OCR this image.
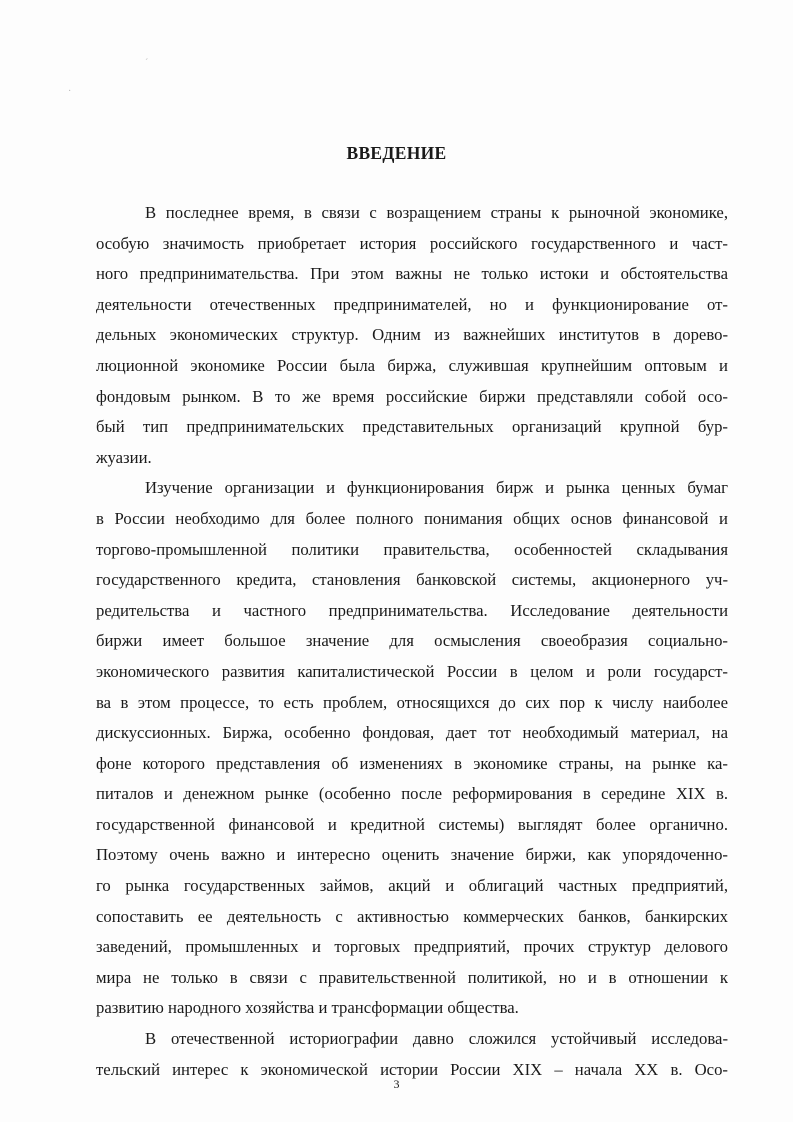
ˊ
·
ВВЕДЕНИЕ
В последнее время, в связи с возращением страны к рыночной экономике,
особую значимость приобретает история российского государственного и част-
ного предпринимательства. При этом важны не только истоки и обстоятельства
деятельности отечественных предпринимателей, но и функционирование от-
дельных экономических структур. Одним из важнейших институтов в дорево-
люционной экономике России была биржа, служившая крупнейшим оптовым и
фондовым рынком. В то же время российские биржи представляли собой осо-
бый тип предпринимательских представительных организаций крупной бур-
жуазии.
Изучение организации и функционирования бирж и рынка ценных бумаг
в России необходимо для более полного понимания общих основ финансовой и
торгово-промышленной политики правительства, особенностей складывания
государственного кредита, становления банковской системы, акционерного уч-
редительства и частного предпринимательства. Исследование деятельности
биржи имеет большое значение для осмысления своеобразия социально-
экономического развития капиталистической России в целом и роли государст-
ва в этом процессе, то есть проблем, относящихся до сих пор к числу наиболее
дискуссионных. Биржа, особенно фондовая, дает тот необходимый материал, на
фоне которого представления об изменениях в экономике страны, на рынке ка-
питалов и денежном рынке (особенно после реформирования в середине XIX в.
государственной финансовой и кредитной системы) выглядят более органично.
Поэтому очень важно и интересно оценить значение биржи, как упорядоченно-
го рынка государственных займов, акций и облигаций частных предприятий,
сопоставить ее деятельность с активностью коммерческих банков, банкирских
заведений, промышленных и торговых предприятий, прочих структур делового
мира не только в связи с правительственной политикой, но и в отношении к
развитию народного хозяйства и трансформации общества.
В отечественной историографии давно сложился устойчивый исследова-
тельский интерес к экономической истории России XIX – начала XX в. Осо-
3
